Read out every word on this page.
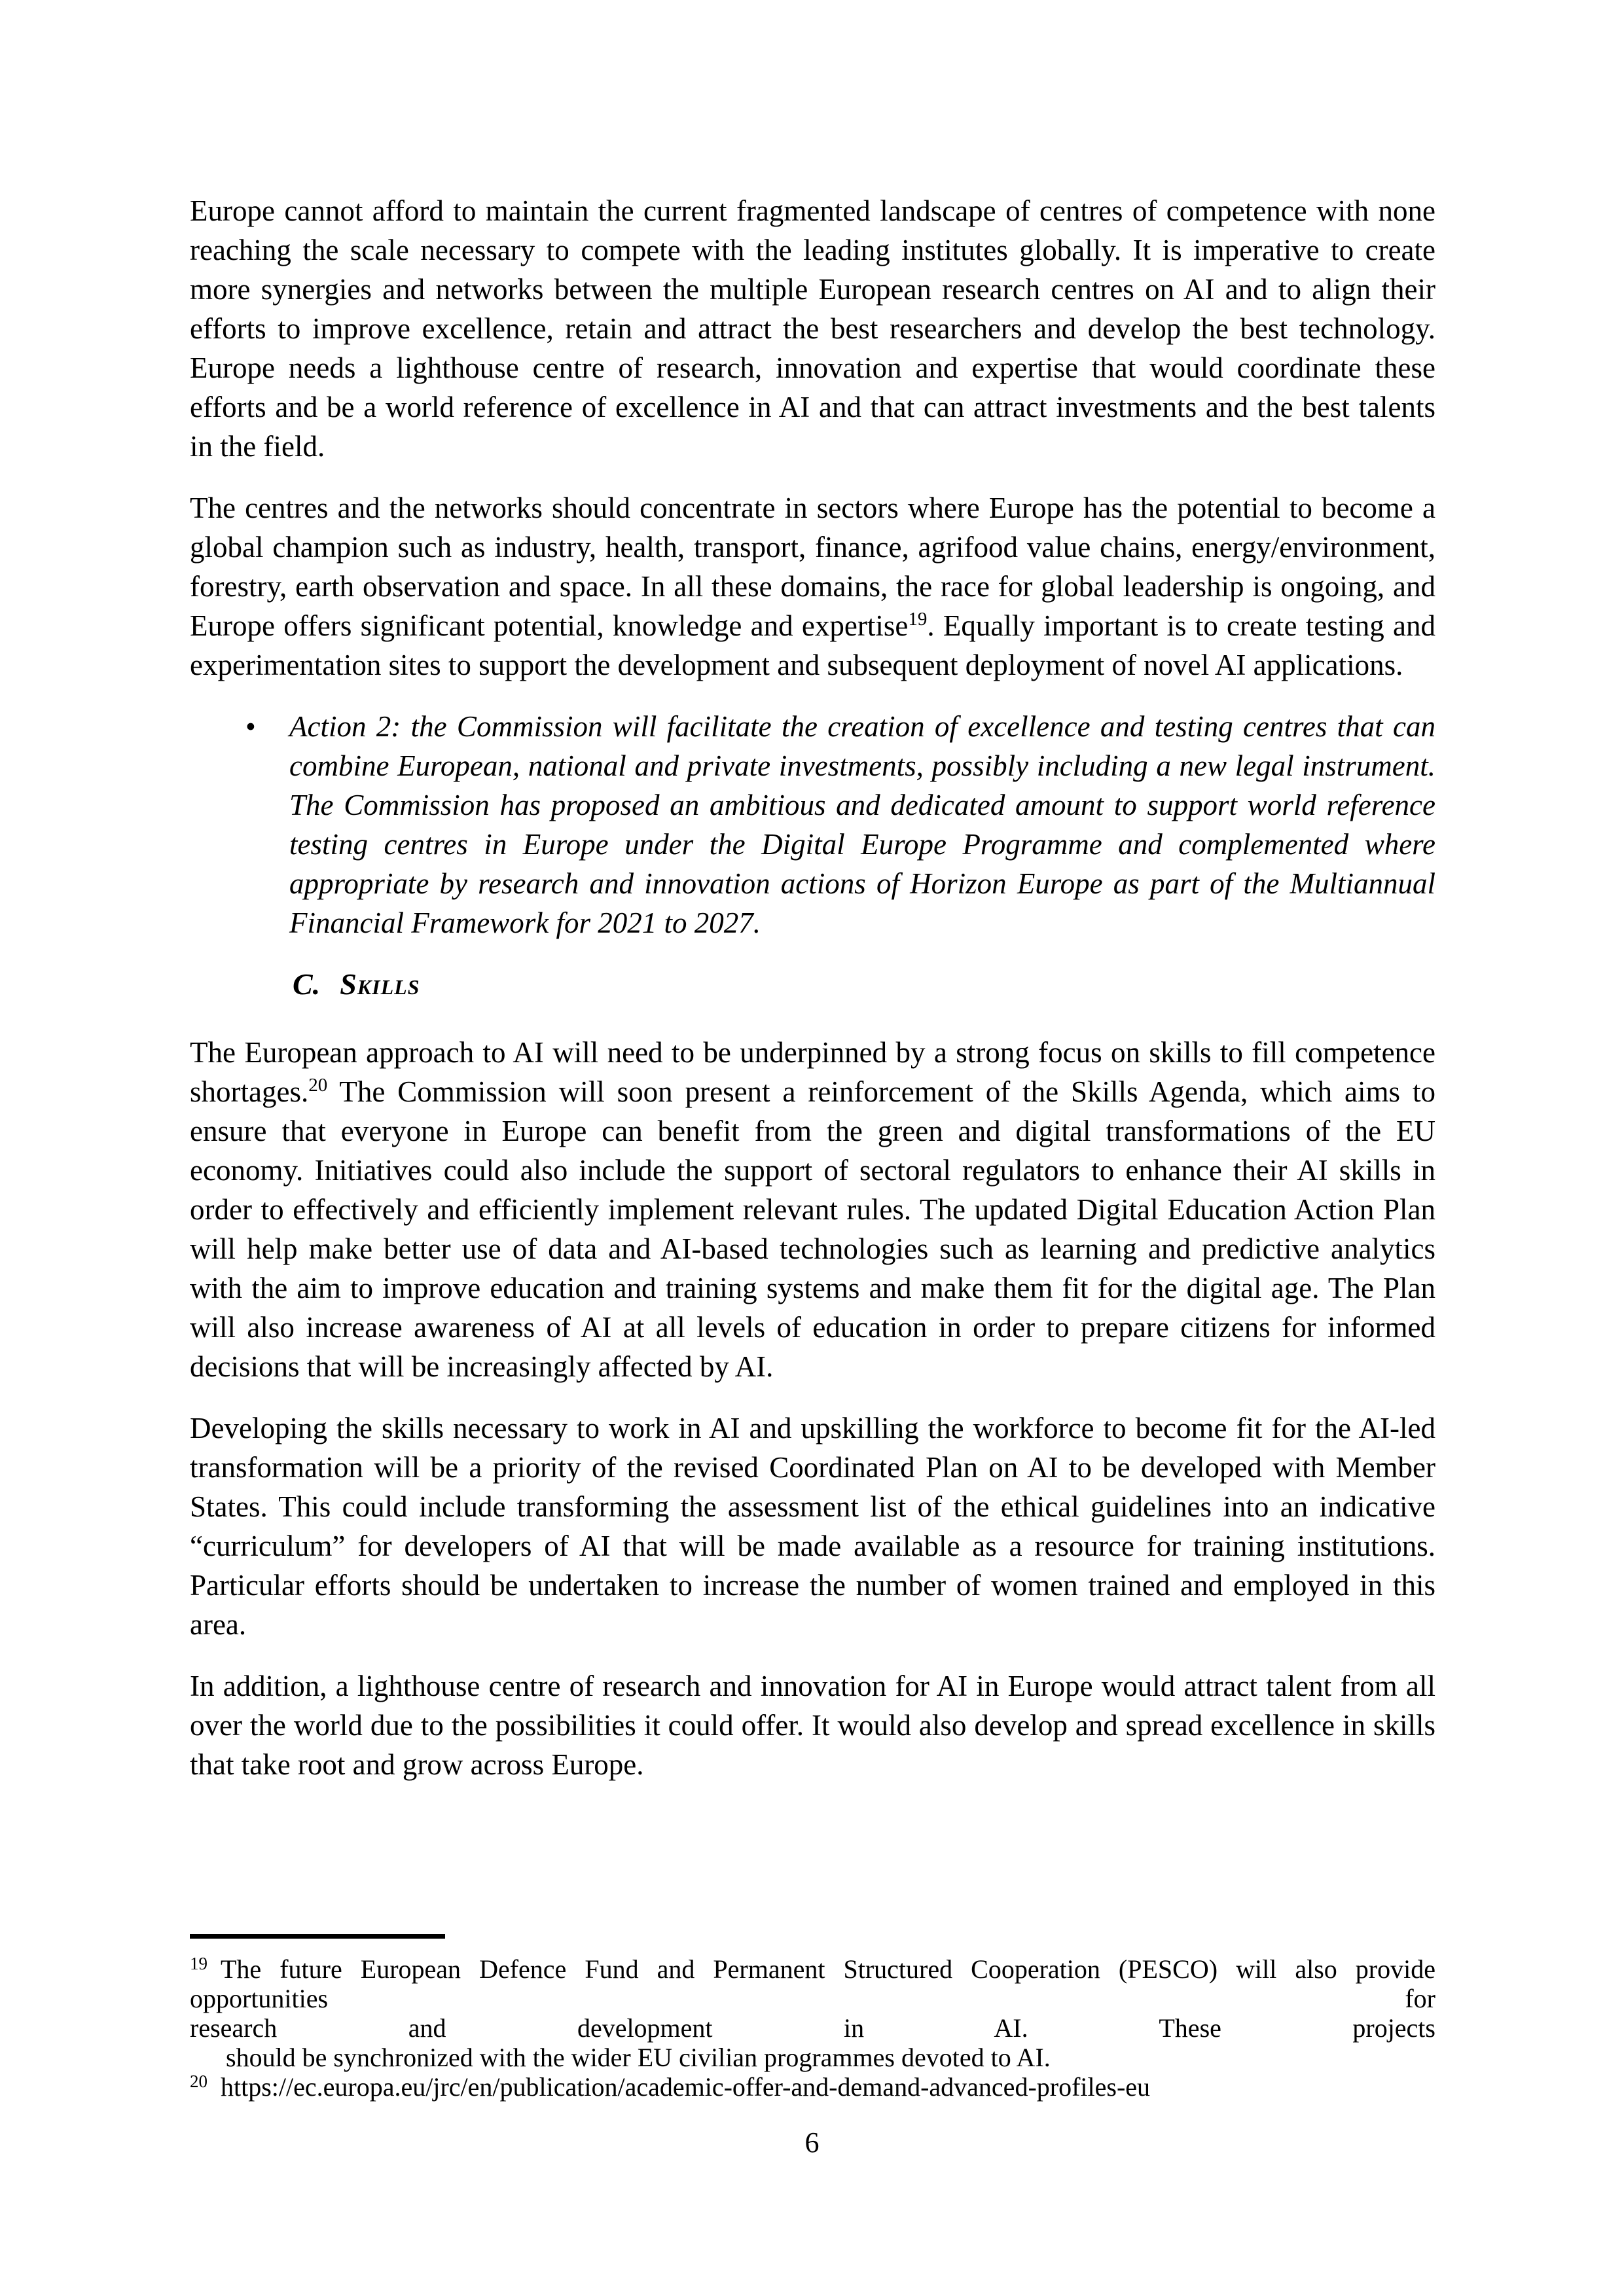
Europe cannot afford to maintain the current fragmented landscape of centres of competence with none reaching the scale necessary to compete with the leading institutes globally. It is imperative to create more synergies and networks between the multiple European research centres on AI and to align their efforts to improve excellence, retain and attract the best researchers and develop the best technology. Europe needs a lighthouse centre of research, innovation and expertise that would coordinate these efforts and be a world reference of excellence in AI and that can attract investments and the best talents in the field.

The centres and the networks should concentrate in sectors where Europe has the potential to become a global champion such as industry, health, transport, finance, agrifood value chains, energy/environment, forestry, earth observation and space. In all these domains, the race for global leadership is ongoing, and Europe offers significant potential, knowledge and expertise$^{19}$. Equally important is to create testing and experimentation sites to support the development and subsequent deployment of novel AI applications.

• Action 2: the Commission will facilitate the creation of excellence and testing centres that can combine European, national and private investments, possibly including a new legal instrument. The Commission has proposed an ambitious and dedicated amount to support world reference testing centres in Europe under the Digital Europe Programme and complemented where appropriate by research and innovation actions of Horizon Europe as part of the Multiannual Financial Framework for 2021 to 2027.
C. Skills

The European approach to AI will need to be underpinned by a strong focus on skills to fill competence shortages.$^{20}$ The Commission will soon present a reinforcement of the Skills Agenda, which aims to ensure that everyone in Europe can benefit from the green and digital transformations of the EU economy. Initiatives could also include the support of sectoral regulators to enhance their AI skills in order to effectively and efficiently implement relevant rules. The updated Digital Education Action Plan will help make better use of data and AI-based technologies such as learning and predictive analytics with the aim to improve education and training systems and make them fit for the digital age. The Plan will also increase awareness of AI at all levels of education in order to prepare citizens for informed decisions that will be increasingly affected by AI.

Developing the skills necessary to work in AI and upskilling the workforce to become fit for the AI-led transformation will be a priority of the revised Coordinated Plan on AI to be developed with Member States. This could include transforming the assessment list of the ethical guidelines into an indicative “curriculum” for developers of AI that will be made available as a resource for training institutions. Particular efforts should be undertaken to increase the number of women trained and employed in this area.

In addition, a lighthouse centre of research and innovation for AI in Europe would attract talent from all over the world due to the possibilities it could offer. It would also develop and spread excellence in skills that take root and grow across Europe.

$^{19}$ The future European Defence Fund and Permanent Structured Cooperation (PESCO) will also provide opportunities for
research and development in AI. These projects
should be synchronized with the wider EU civilian programmes devoted to AI.
$^{20}$ https://ec.europa.eu/jrc/en/publication/academic-offer-and-demand-advanced-profiles-eu
6
